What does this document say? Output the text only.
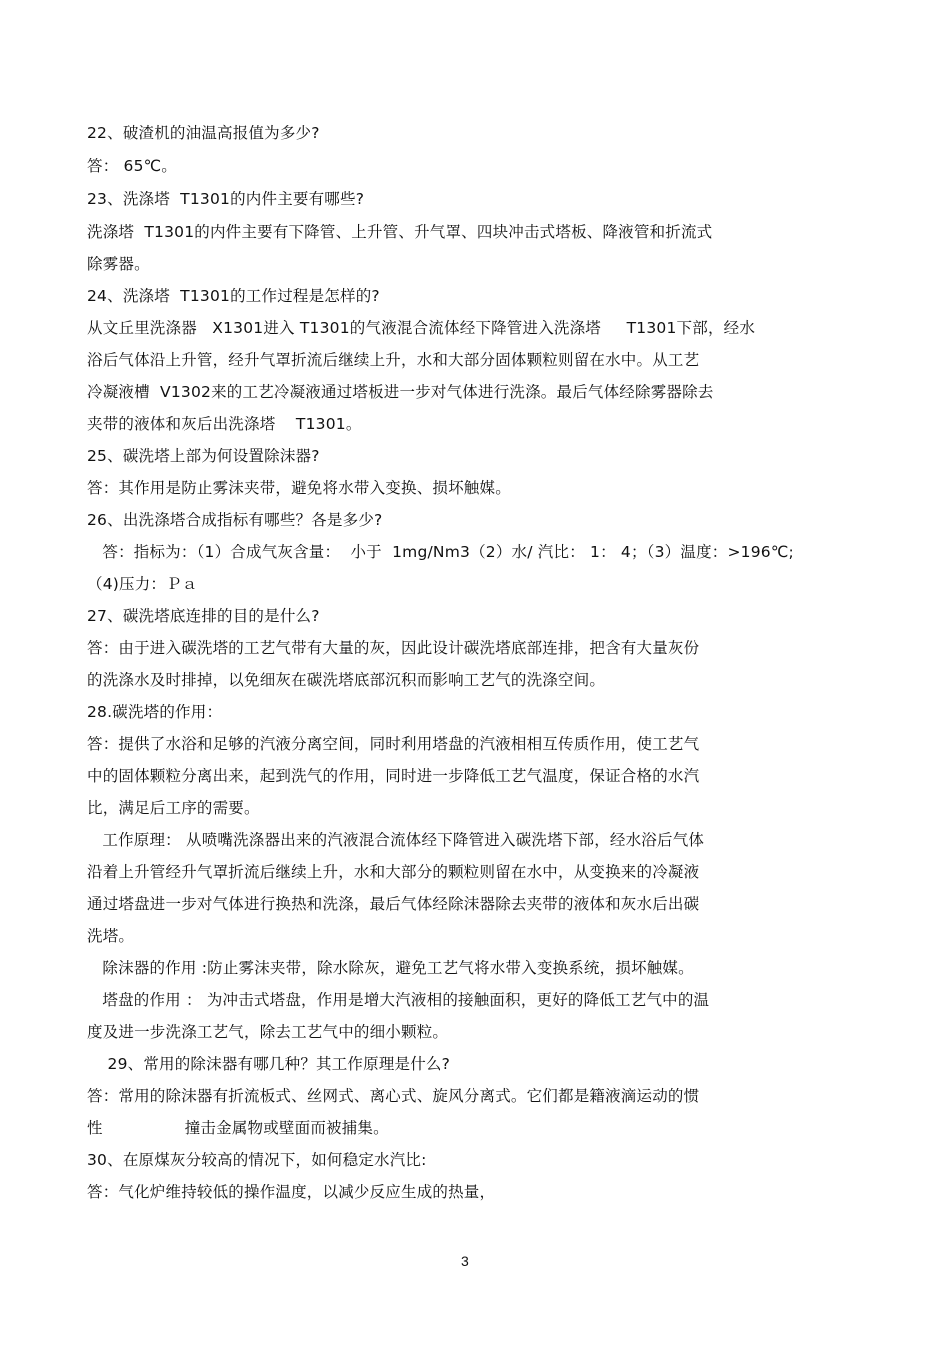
22、破渣机的油温高报值为多少?
答： 65℃。
23、洗涤塔  T1301的内件主要有哪些?
洗涤塔  T1301的内件主要有下降管、上升管、升气罩、四块冲击式塔板、降液管和折流式
除雾器。
24、洗涤塔  T1301的工作过程是怎样的?
从文丘里洗涤器   X1301进入 T1301的气液混合流体经下降管进入洗涤塔     T1301下部，经水
浴后气体沿上升管，经升气罩折流后继续上升，水和大部分固体颗粒则留在水中。从工艺
冷凝液槽  V1302来的工艺冷凝液通过塔板进一步对气体进行洗涤。最后气体经除雾器除去
夹带的液体和灰后出洗涤塔    T1301。
25、碳洗塔上部为何设置除沫器?
答：其作用是防止雾沫夹带，避免将水带入变换、损坏触媒。
26、出洗涤塔合成指标有哪些？各是多少?
答：指标为：（1）合成气灰含量：  小于  1mg/Nm3（2）水/ 汽比： 1： 4；（3）温度：>196℃;
（4)压力：Ｐａ
27、碳洗塔底连排的目的是什么?
答：由于进入碳洗塔的工艺气带有大量的灰，因此设计碳洗塔底部连排，把含有大量灰份
的洗涤水及时排掉，以免细灰在碳洗塔底部沉积而影响工艺气的洗涤空间。
28.碳洗塔的作用：
答：提供了水浴和足够的汽液分离空间，同时利用塔盘的汽液相相互传质作用，使工艺气
中的固体颗粒分离出来，起到洗气的作用，同时进一步降低工艺气温度，保证合格的水汽
比，满足后工序的需要。
工作原理： 从喷嘴洗涤器出来的汽液混合流体经下降管进入碳洗塔下部，经水浴后气体
沿着上升管经升气罩折流后继续上升，水和大部分的颗粒则留在水中，从变换来的冷凝液
通过塔盘进一步对气体进行换热和洗涤，最后气体经除沫器除去夹带的液体和灰水后出碳
洗塔。
除沫器的作用 :防止雾沫夹带，除水除灰，避免工艺气将水带入变换系统，损坏触媒。
塔盘的作用 ： 为冲击式塔盘，作用是增大汽液相的接触面积，更好的降低工艺气中的温
度及进一步洗涤工艺气，除去工艺气中的细小颗粒。
29、常用的除沫器有哪几种？其工作原理是什么?
答：常用的除沫器有折流板式、丝网式、离心式、旋风分离式。它们都是籍液滴运动的惯
性                撞击金属物或壁面而被捕集。
30、在原煤灰分较高的情况下，如何稳定水汽比:
答：气化炉维持较低的操作温度，以减少反应生成的热量，
3
